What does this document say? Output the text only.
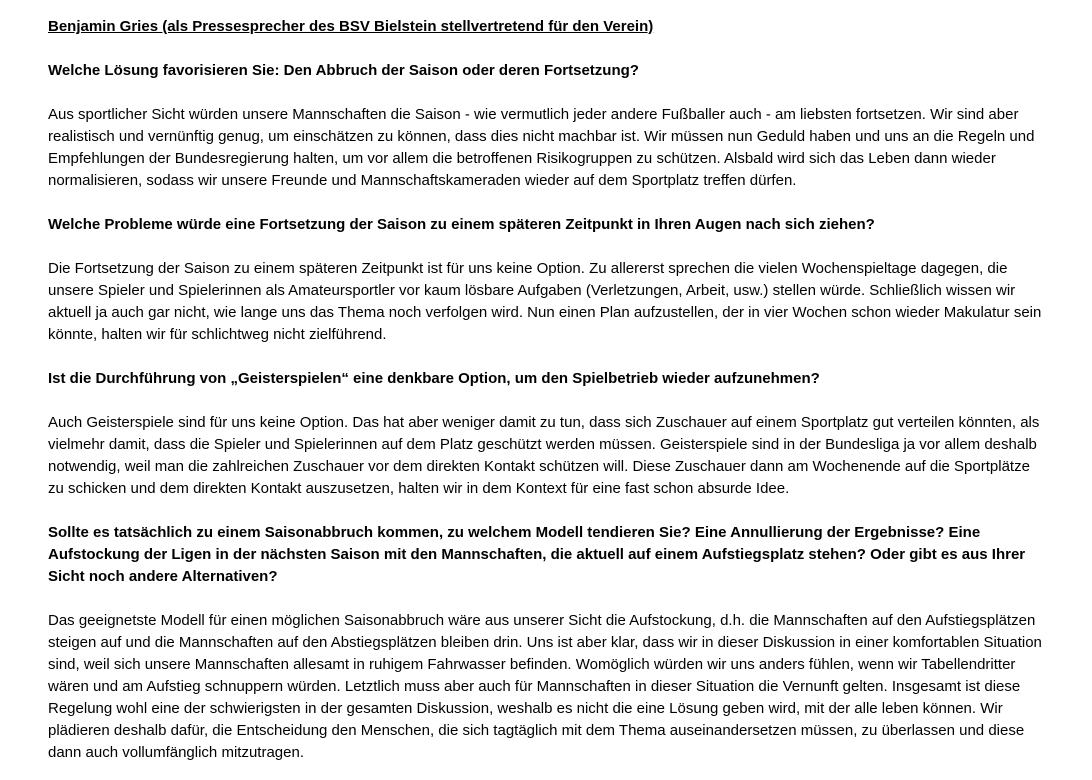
Benjamin Gries (als Pressesprecher des BSV Bielstein stellvertretend für den Verein)

Welche Lösung favorisieren Sie: Den Abbruch der Saison oder deren Fortsetzung?

Aus sportlicher Sicht würden unsere Mannschaften die Saison - wie vermutlich jeder andere Fußballer auch - am liebsten fortsetzen. Wir sind aber realistisch und vernünftig genug, um einschätzen zu können, dass dies nicht machbar ist. Wir müssen nun Geduld haben und uns an die Regeln und Empfehlungen der Bundesregierung halten, um vor allem die betroffenen Risikogruppen zu schützen. Alsbald wird sich das Leben dann wieder normalisieren, sodass wir unsere Freunde und Mannschaftskameraden wieder auf dem Sportplatz treffen dürfen.

Welche Probleme würde eine Fortsetzung der Saison zu einem späteren Zeitpunkt in Ihren Augen nach sich ziehen?

Die Fortsetzung der Saison zu einem späteren Zeitpunkt ist für uns keine Option. Zu allererst sprechen die vielen Wochenspieltage dagegen, die unsere Spieler und Spielerinnen als Amateursportler vor kaum lösbare Aufgaben (Verletzungen, Arbeit, usw.) stellen würde. Schließlich wissen wir aktuell ja auch gar nicht, wie lange uns das Thema noch verfolgen wird. Nun einen Plan aufzustellen, der in vier Wochen schon wieder Makulatur sein könnte, halten wir für schlichtweg nicht zielführend.

Ist die Durchführung von „Geisterspielen“ eine denkbare Option, um den Spielbetrieb wieder aufzunehmen?

Auch Geisterspiele sind für uns keine Option. Das hat aber weniger damit zu tun, dass sich Zuschauer auf einem Sportplatz gut verteilen könnten, als vielmehr damit, dass die Spieler und Spielerinnen auf dem Platz geschützt werden müssen. Geisterspiele sind in der Bundesliga ja vor allem deshalb notwendig, weil man die zahlreichen Zuschauer vor dem direkten Kontakt schützen will. Diese Zuschauer dann am Wochenende auf die Sportplätze zu schicken und dem direkten Kontakt auszusetzen, halten wir in dem Kontext für eine fast schon absurde Idee.

Sollte es tatsächlich zu einem Saisonabbruch kommen, zu welchem Modell tendieren Sie? Eine Annullierung der Ergebnisse? Eine Aufstockung der Ligen in der nächsten Saison mit den Mannschaften, die aktuell auf einem Aufstiegsplatz stehen? Oder gibt es aus Ihrer Sicht noch andere Alternativen?

Das geeignetste Modell für einen möglichen Saisonabbruch wäre aus unserer Sicht die Aufstockung, d.h. die Mannschaften auf den Aufstiegsplätzen steigen auf und die Mannschaften auf den Abstiegsplätzen bleiben drin. Uns ist aber klar, dass wir in dieser Diskussion in einer komfortablen Situation sind, weil sich unsere Mannschaften allesamt in ruhigem Fahrwasser befinden. Womöglich würden wir uns anders fühlen, wenn wir Tabellendritter wären und am Aufstieg schnuppern würden. Letztlich muss aber auch für Mannschaften in dieser Situation die Vernunft gelten. Insgesamt ist diese Regelung wohl eine der schwierigsten in der gesamten Diskussion, weshalb es nicht die eine Lösung geben wird, mit der alle leben können. Wir plädieren deshalb dafür, die Entscheidung den Menschen, die sich tagtäglich mit dem Thema auseinandersetzen müssen, zu überlassen und diese dann auch vollumfänglich mitzutragen.
